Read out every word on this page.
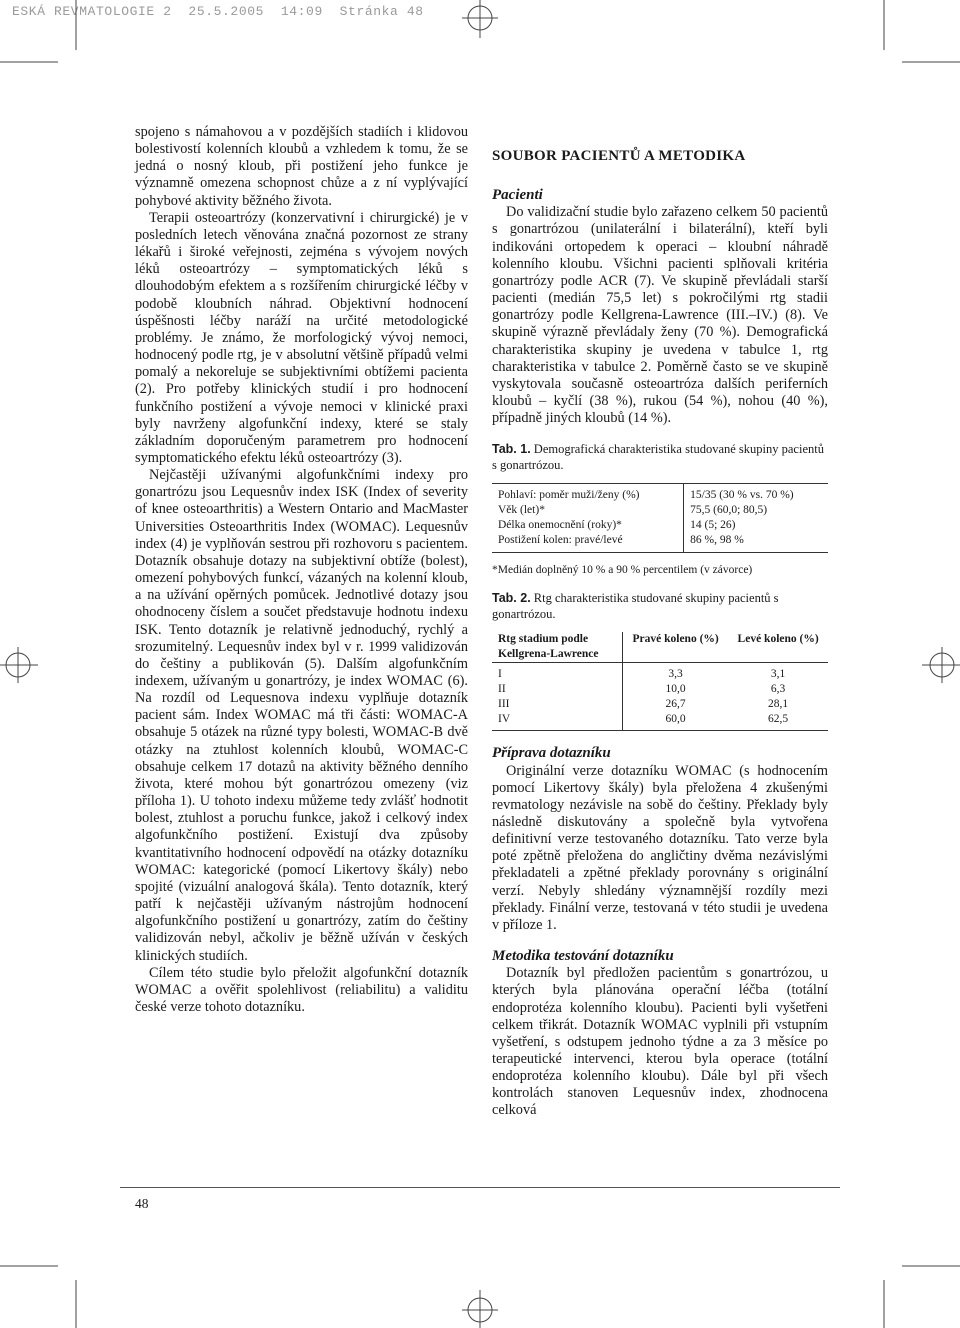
ESKÁ REVMATOLOGIE 2  25.5.2005  14:09  Stránka 48

spojeno s námahovou a v pozdějších stadiích i klidovou bolestivostí kolenních kloubů a vzhledem k tomu, že se jedná o nosný kloub, při postižení jeho funkce je významně omezena schopnost chůze a z ní vyplývající pohybové aktivity běžného života.

Terapii osteoartrózy (konzervativní i chirurgické) je v posledních letech věnována značná pozornost ze strany lékařů i široké veřejnosti, zejména s vývojem nových léků osteoartrózy – symptomatických léků s dlouhodobým efektem a s rozšířením chirurgické léčby v podobě kloubních náhrad. Objektivní hodnocení úspěšnosti léčby naráží na určité metodologické problémy. Je známo, že morfologický vývoj nemoci, hodnocený podle rtg, je v absolutní většině případů velmi pomalý a nekoreluje se subjektivními obtížemi pacienta (2). Pro potřeby klinických studií i pro hodnocení funkčního postižení a vývoje nemoci v klinické praxi byly navrženy algofunkční indexy, které se staly základním doporučeným parametrem pro hodnocení symptomatického efektu léků osteoartrózy (3).

Nejčastěji užívanými algofunkčními indexy pro gonartrózu jsou Lequesnův index ISK (Index of severity of knee osteoarthritis) a Western Ontario and MacMaster Universities Osteoarthritis Index (WOMAC). Lequesnův index (4) je vyplňován sestrou při rozhovoru s pacientem. Dotazník obsahuje dotazy na subjektivní obtíže (bolest), omezení pohybových funkcí, vázaných na kolenní kloub, a na užívání opěrných pomůcek. Jednotlivé dotazy jsou ohodnoceny číslem a součet představuje hodnotu indexu ISK. Tento dotazník je relativně jednoduchý, rychlý a srozumitelný. Lequesnův index byl v r. 1999 validizován do češtiny a publikován (5). Dalším algofunkčním indexem, užívaným u gonartrózy, je index WOMAC (6). Na rozdíl od Lequesnova indexu vyplňuje dotazník pacient sám. Index WOMAC má tři části: WOMAC-A obsahuje 5 otázek na různé typy bolesti, WOMAC-B dvě otázky na ztuhlost kolenních kloubů, WOMAC-C obsahuje celkem 17 dotazů na aktivity běžného denního života, které mohou být gonartrózou omezeny (viz příloha 1). U tohoto indexu můžeme tedy zvlášť hodnotit bolest, ztuhlost a poruchu funkce, jakož i celkový index algofunkčního postižení. Existují dva způsoby kvantitativního hodnocení odpovědí na otázky dotazníku WOMAC: kategorické (pomocí Likertovy škály) nebo spojité (vizuální analogová škála). Tento dotazník, který patří k nejčastěji užívaným nástrojům hodnocení algofunkčního postižení u gonartrózy, zatím do češtiny validizován nebyl, ačkoliv je běžně užíván v českých klinických studiích.

Cílem této studie bylo přeložit algofunkční dotazník WOMAC a ověřit spolehlivost (reliabilitu) a validitu české verze tohoto dotazníku.

SOUBOR PACIENTŮ A METODIKA
Pacienti

Do validizační studie bylo zařazeno celkem 50 pacientů s gonartrózou (unilaterální i bilaterální), kteří byli indikováni ortopedem k operaci – kloubní náhradě kolenního kloubu. Všichni pacienti splňovali kritéria gonartrózy podle ACR (7). Ve skupině převládali starší pacienti (medián 75,5 let) s pokročilými rtg stadii gonartrózy podle Kellgrena-Lawrence (III.–IV.) (8). Ve skupině výrazně převládaly ženy (70 %). Demografická charakteristika skupiny je uvedena v tabulce 1, rtg charakteristika v tabulce 2. Poměrně často se ve skupině vyskytovala současně osteoartróza dalších periferních kloubů – kyčlí (38 %), rukou (54 %), nohou (40 %), případně jiných kloubů (14 %).

Tab. 1. Demografická charakteristika studované skupiny pacientů s gonartrózou.
Pohlaví: poměr muži/ženy (%)	15/35 (30 % vs. 70 %)
Věk (let)*	75,5 (60,0; 80,5)
Délka onemocnění (roky)*	14 (5; 26)
Postižení kolen: pravé/levé	86 %, 98 %
*Medián doplněný 10 % a 90 % percentilem (v závorce)
Tab. 2. Rtg charakteristika studované skupiny pacientů s gonartrózou.
Rtg stadium podle Kellgrena-Lawrence	Pravé koleno (%)	Levé koleno (%)
I	3,3	3,1
II	10,0	6,3
III	26,7	28,1
IV	60,0	62,5
Příprava dotazníku

Originální verze dotazníku WOMAC (s hodnocením pomocí Likertovy škály) byla přeložena 4 zkušenými revmatology nezávisle na sobě do češtiny. Překlady byly následně diskutovány a společně byla vytvořena definitivní verze testovaného dotazníku. Tato verze byla poté zpětně přeložena do angličtiny dvěma nezávislými překladateli a zpětné překlady porovnány s originální verzí. Nebyly shledány významnější rozdíly mezi překlady. Finální verze, testovaná v této studii je uvedena v příloze 1.

Metodika testování dotazníku

Dotazník byl předložen pacientům s gonartrózou, u kterých byla plánována operační léčba (totální endoprotéza kolenního kloubu). Pacienti byli vyšetřeni celkem třikrát. Dotazník WOMAC vyplnili při vstupním vyšetření, s odstupem jednoho týdne a za 3 měsíce po terapeutické intervenci, kterou byla operace (totální endoprotéza kolenního kloubu). Dále byl při všech kontrolách stanoven Lequesnův index, zhodnocena celková

48
